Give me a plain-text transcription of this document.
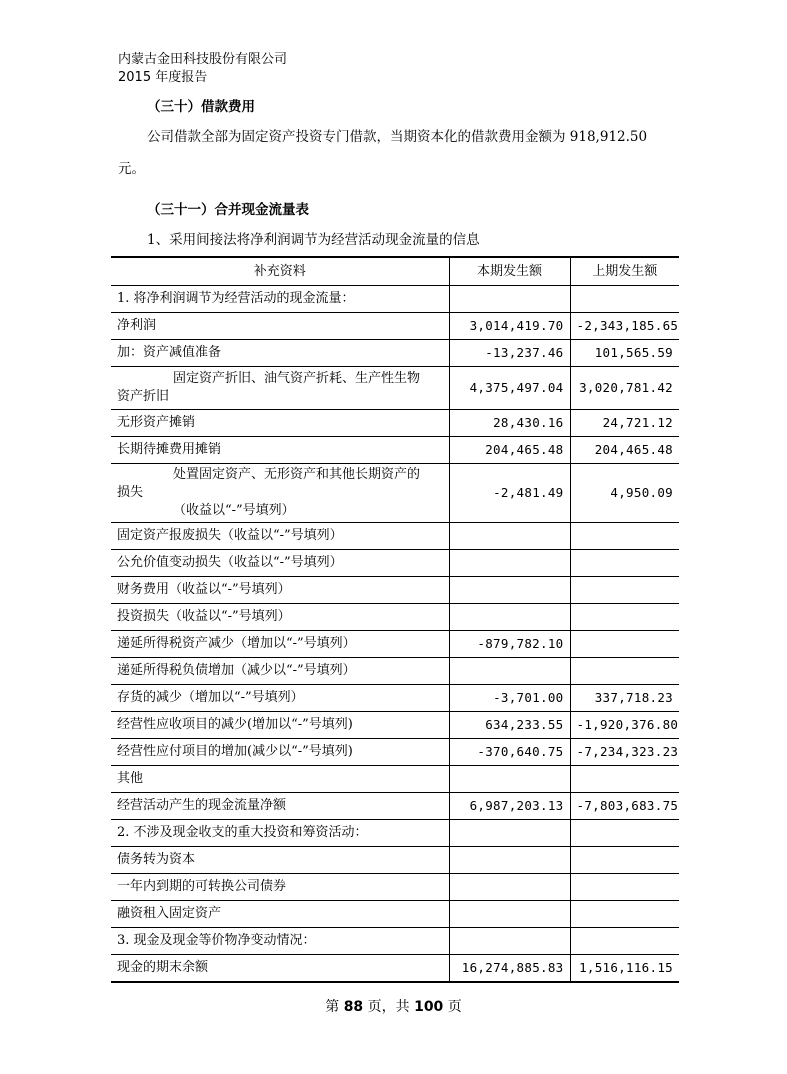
内蒙古金田科技股份有限公司
2015 年度报告
（三十）借款费用
公司借款全部为固定资产投资专门借款，当期资本化的借款费用金额为 918,912.50
元。
（三十一）合并现金流量表
1、采用间接法将净利润调节为经营活动现金流量的信息
补充资料	本期发生额	上期发生额
1. 将净利润调节为经营活动的现金流量：		
净利润	3,014,419.70	-2,343,185.65
加：资产减值准备	-13,237.46	101,565.59

固定资产折旧、油气资产折耗、生产性生物
资产折旧	4,375,497.04	3,020,781.42
无形资产摊销	28,430.16	24,721.12
长期待摊费用摊销	204,465.48	204,465.48

处置固定资产、无形资产和其他长期资产的
损失
（收益以“-”号填列）	-2,481.49	4,950.09
固定资产报废损失（收益以“-”号填列）		
公允价值变动损失（收益以“-”号填列）		
财务费用（收益以“-”号填列）		
投资损失（收益以“-”号填列）		
递延所得税资产减少（增加以“-”号填列）	-879,782.10	
递延所得税负债增加（减少以“-”号填列）		
存货的减少（增加以“-”号填列）	-3,701.00	337,718.23
经营性应收项目的减少(增加以“-”号填列)	634,233.55	-1,920,376.80
经营性应付项目的增加(减少以“-”号填列)	-370,640.75	-7,234,323.23
其他		
经营活动产生的现金流量净额	6,987,203.13	-7,803,683.75
2. 不涉及现金收支的重大投资和筹资活动：		
债务转为资本		
一年内到期的可转换公司债券		
融资租入固定资产		
3. 现金及现金等价物净变动情况：		
现金的期末余额	16,274,885.83	1,516,116.15
第 88 页，共 100 页
